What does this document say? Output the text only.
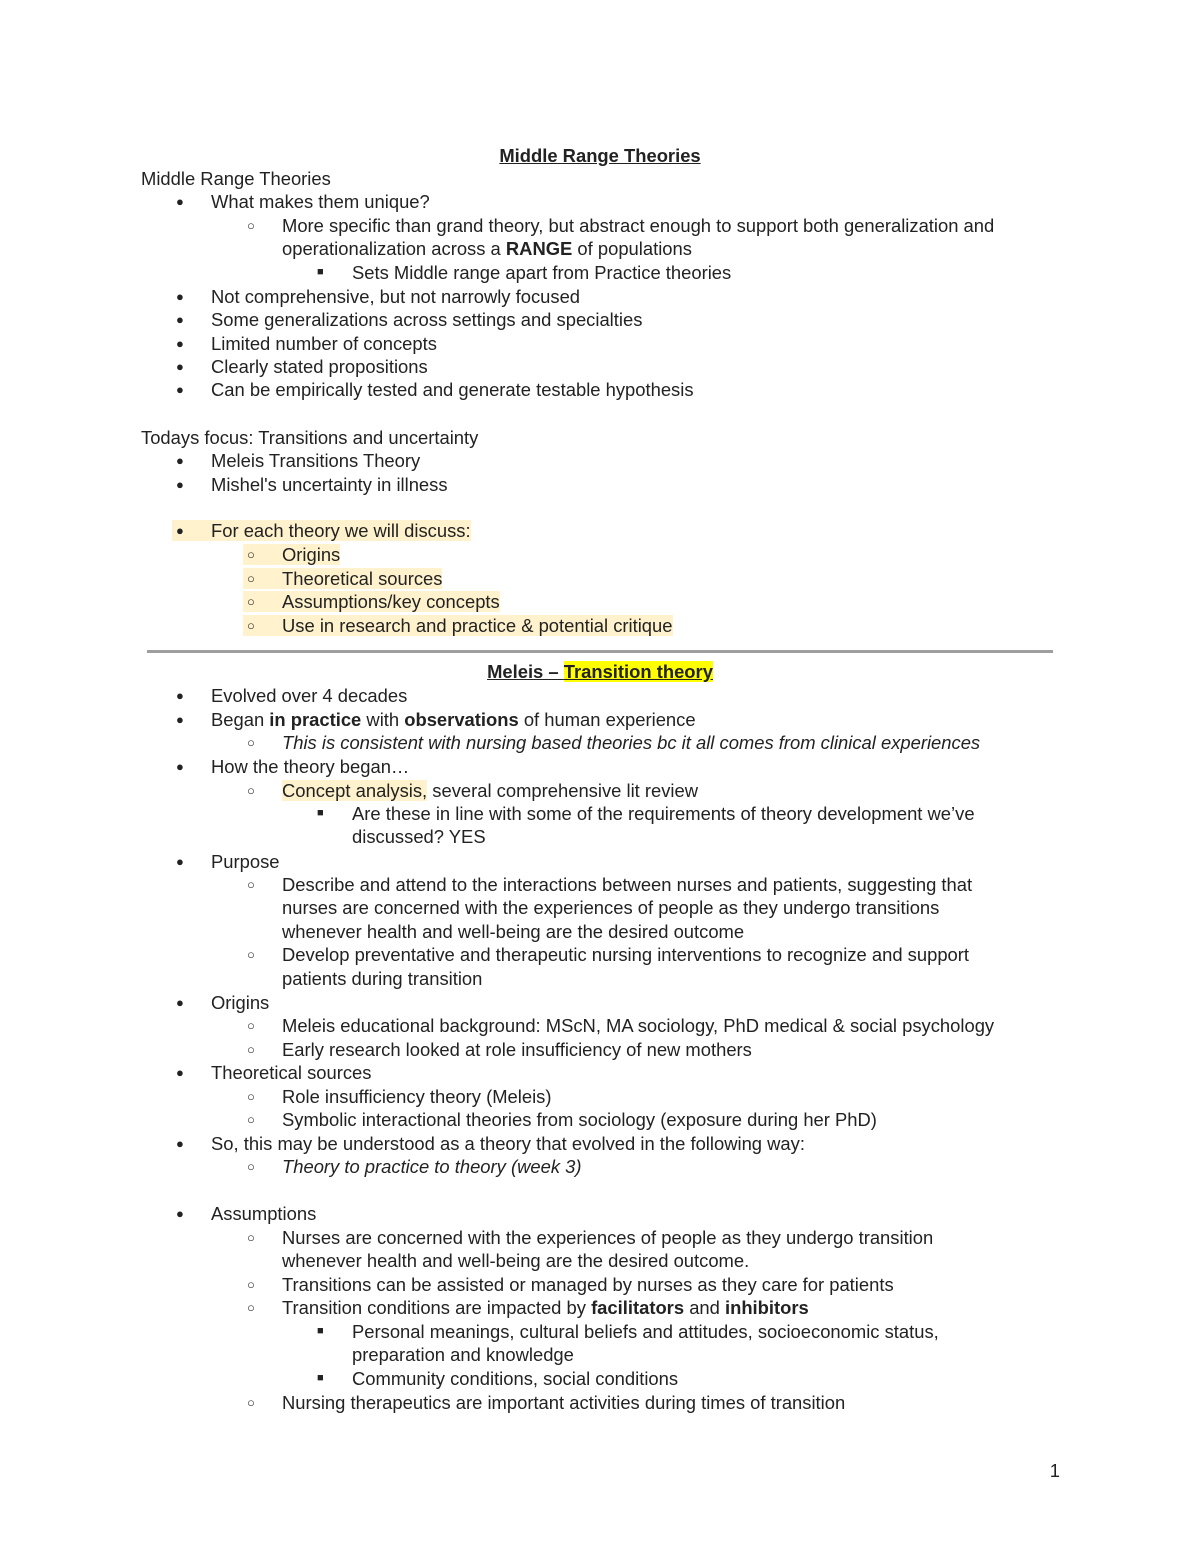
1
Middle Range Theories
Middle Range Theories
● What makes them unique?
○ More specific than grand theory, but abstract enough to support both generalization and
operationalization across a RANGE of populations
■ Sets Middle range apart from Practice theories
● Not comprehensive, but not narrowly focused
● Some generalizations across settings and specialties
● Limited number of concepts
● Clearly stated propositions
● Can be empirically tested and generate testable hypothesis
Todays focus: Transitions and uncertainty
● Meleis Transitions Theory
● Mishel's uncertainty in illness
● For each theory we will discuss:
○ Origins
○ Theoretical sources
○ Assumptions/key concepts
○ Use in research and practice & potential critique
Meleis – Transition theory
● Evolved over 4 decades
● Began in practice with observations of human experience
○ This is consistent with nursing based theories bc it all comes from clinical experiences
● How the theory began…
○ Concept analysis, several comprehensive lit review
■ Are these in line with some of the requirements of theory development we’ve
discussed? YES
● Purpose
○ Describe and attend to the interactions between nurses and patients, suggesting that
nurses are concerned with the experiences of people as they undergo transitions
whenever health and well-being are the desired outcome
○ Develop preventative and therapeutic nursing interventions to recognize and support
patients during transition
● Origins
○ Meleis educational background: MScN, MA sociology, PhD medical & social psychology
○ Early research looked at role insufficiency of new mothers
● Theoretical sources
○ Role insufficiency theory (Meleis)
○ Symbolic interactional theories from sociology (exposure during her PhD)
● So, this may be understood as a theory that evolved in the following way:
○ Theory to practice to theory (week 3)
● Assumptions
○ Nurses are concerned with the experiences of people as they undergo transition
whenever health and well-being are the desired outcome.
○ Transitions can be assisted or managed by nurses as they care for patients
○ Transition conditions are impacted by facilitators and inhibitors
■ Personal meanings, cultural beliefs and attitudes, socioeconomic status,
preparation and knowledge
■ Community conditions, social conditions
○ Nursing therapeutics are important activities during times of transition
